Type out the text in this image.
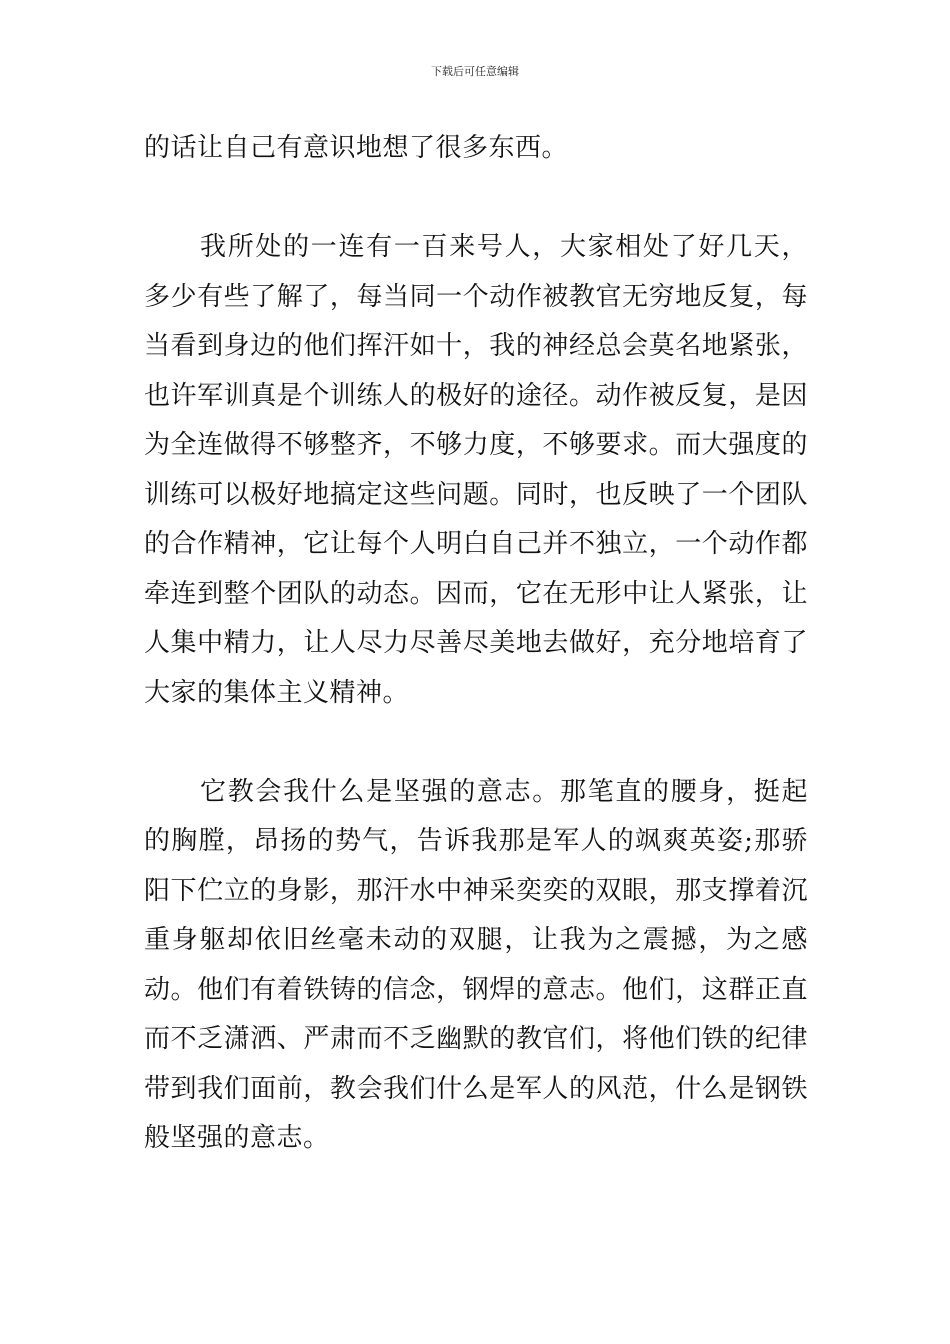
下载后可任意编辑

的话让自己有意识地想了很多东西。

我所处的一连有一百来号人，大家相处了好几天，多少有些了解了，每当同一个动作被教官无穷地反复，每当看到身边的他们挥汗如十，我的神经总会莫名地紧张，也许军训真是个训练人的极好的途径。动作被反复，是因为全连做得不够整齐，不够力度，不够要求。而大强度的训练可以极好地搞定这些问题。同时，也反映了一个团队的合作精神，它让每个人明白自己并不独立，一个动作都牵连到整个团队的动态。因而，它在无形中让人紧张，让人集中精力，让人尽力尽善尽美地去做好，充分地培育了大家的集体主义精神。

它教会我什么是坚强的意志。那笔直的腰身，挺起的胸膛，昂扬的势气，告诉我那是军人的飒爽英姿;那骄阳下伫立的身影，那汗水中神采奕奕的双眼，那支撑着沉重身躯却依旧丝毫未动的双腿，让我为之震撼，为之感动。他们有着铁铸的信念，钢焊的意志。他们，这群正直而不乏潇洒、严肃而不乏幽默的教官们，将他们铁的纪律带到我们面前，教会我们什么是军人的风范，什么是钢铁般坚强的意志。
